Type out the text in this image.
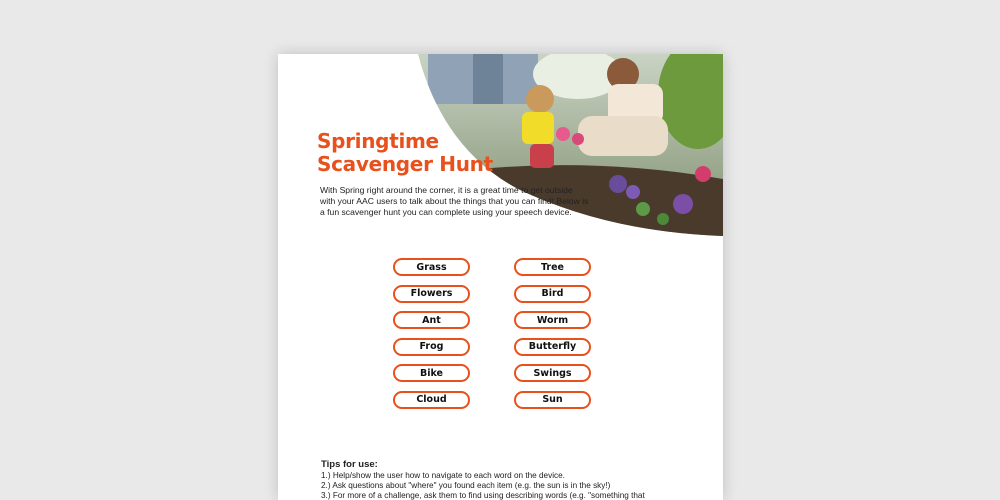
Springtime
Scavenger Hunt

With Spring right around the corner, it is a great time to get outside with your AAC users to talk about the things that you can find! Below is a fun scavenger hunt you can complete using your speech device.

Grass	Tree
Flowers	Bird
Ant	Worm
Frog	Butterfly
Bike	Swings
Cloud	Sun
Tips for use:
1.) Help/show the user how to navigate to each word on the device.
2.) Ask questions about "where" you found each item (e.g. the sun is in the sky!)
3.) For more of a challenge, ask them to find using describing words (e.g. "something that
